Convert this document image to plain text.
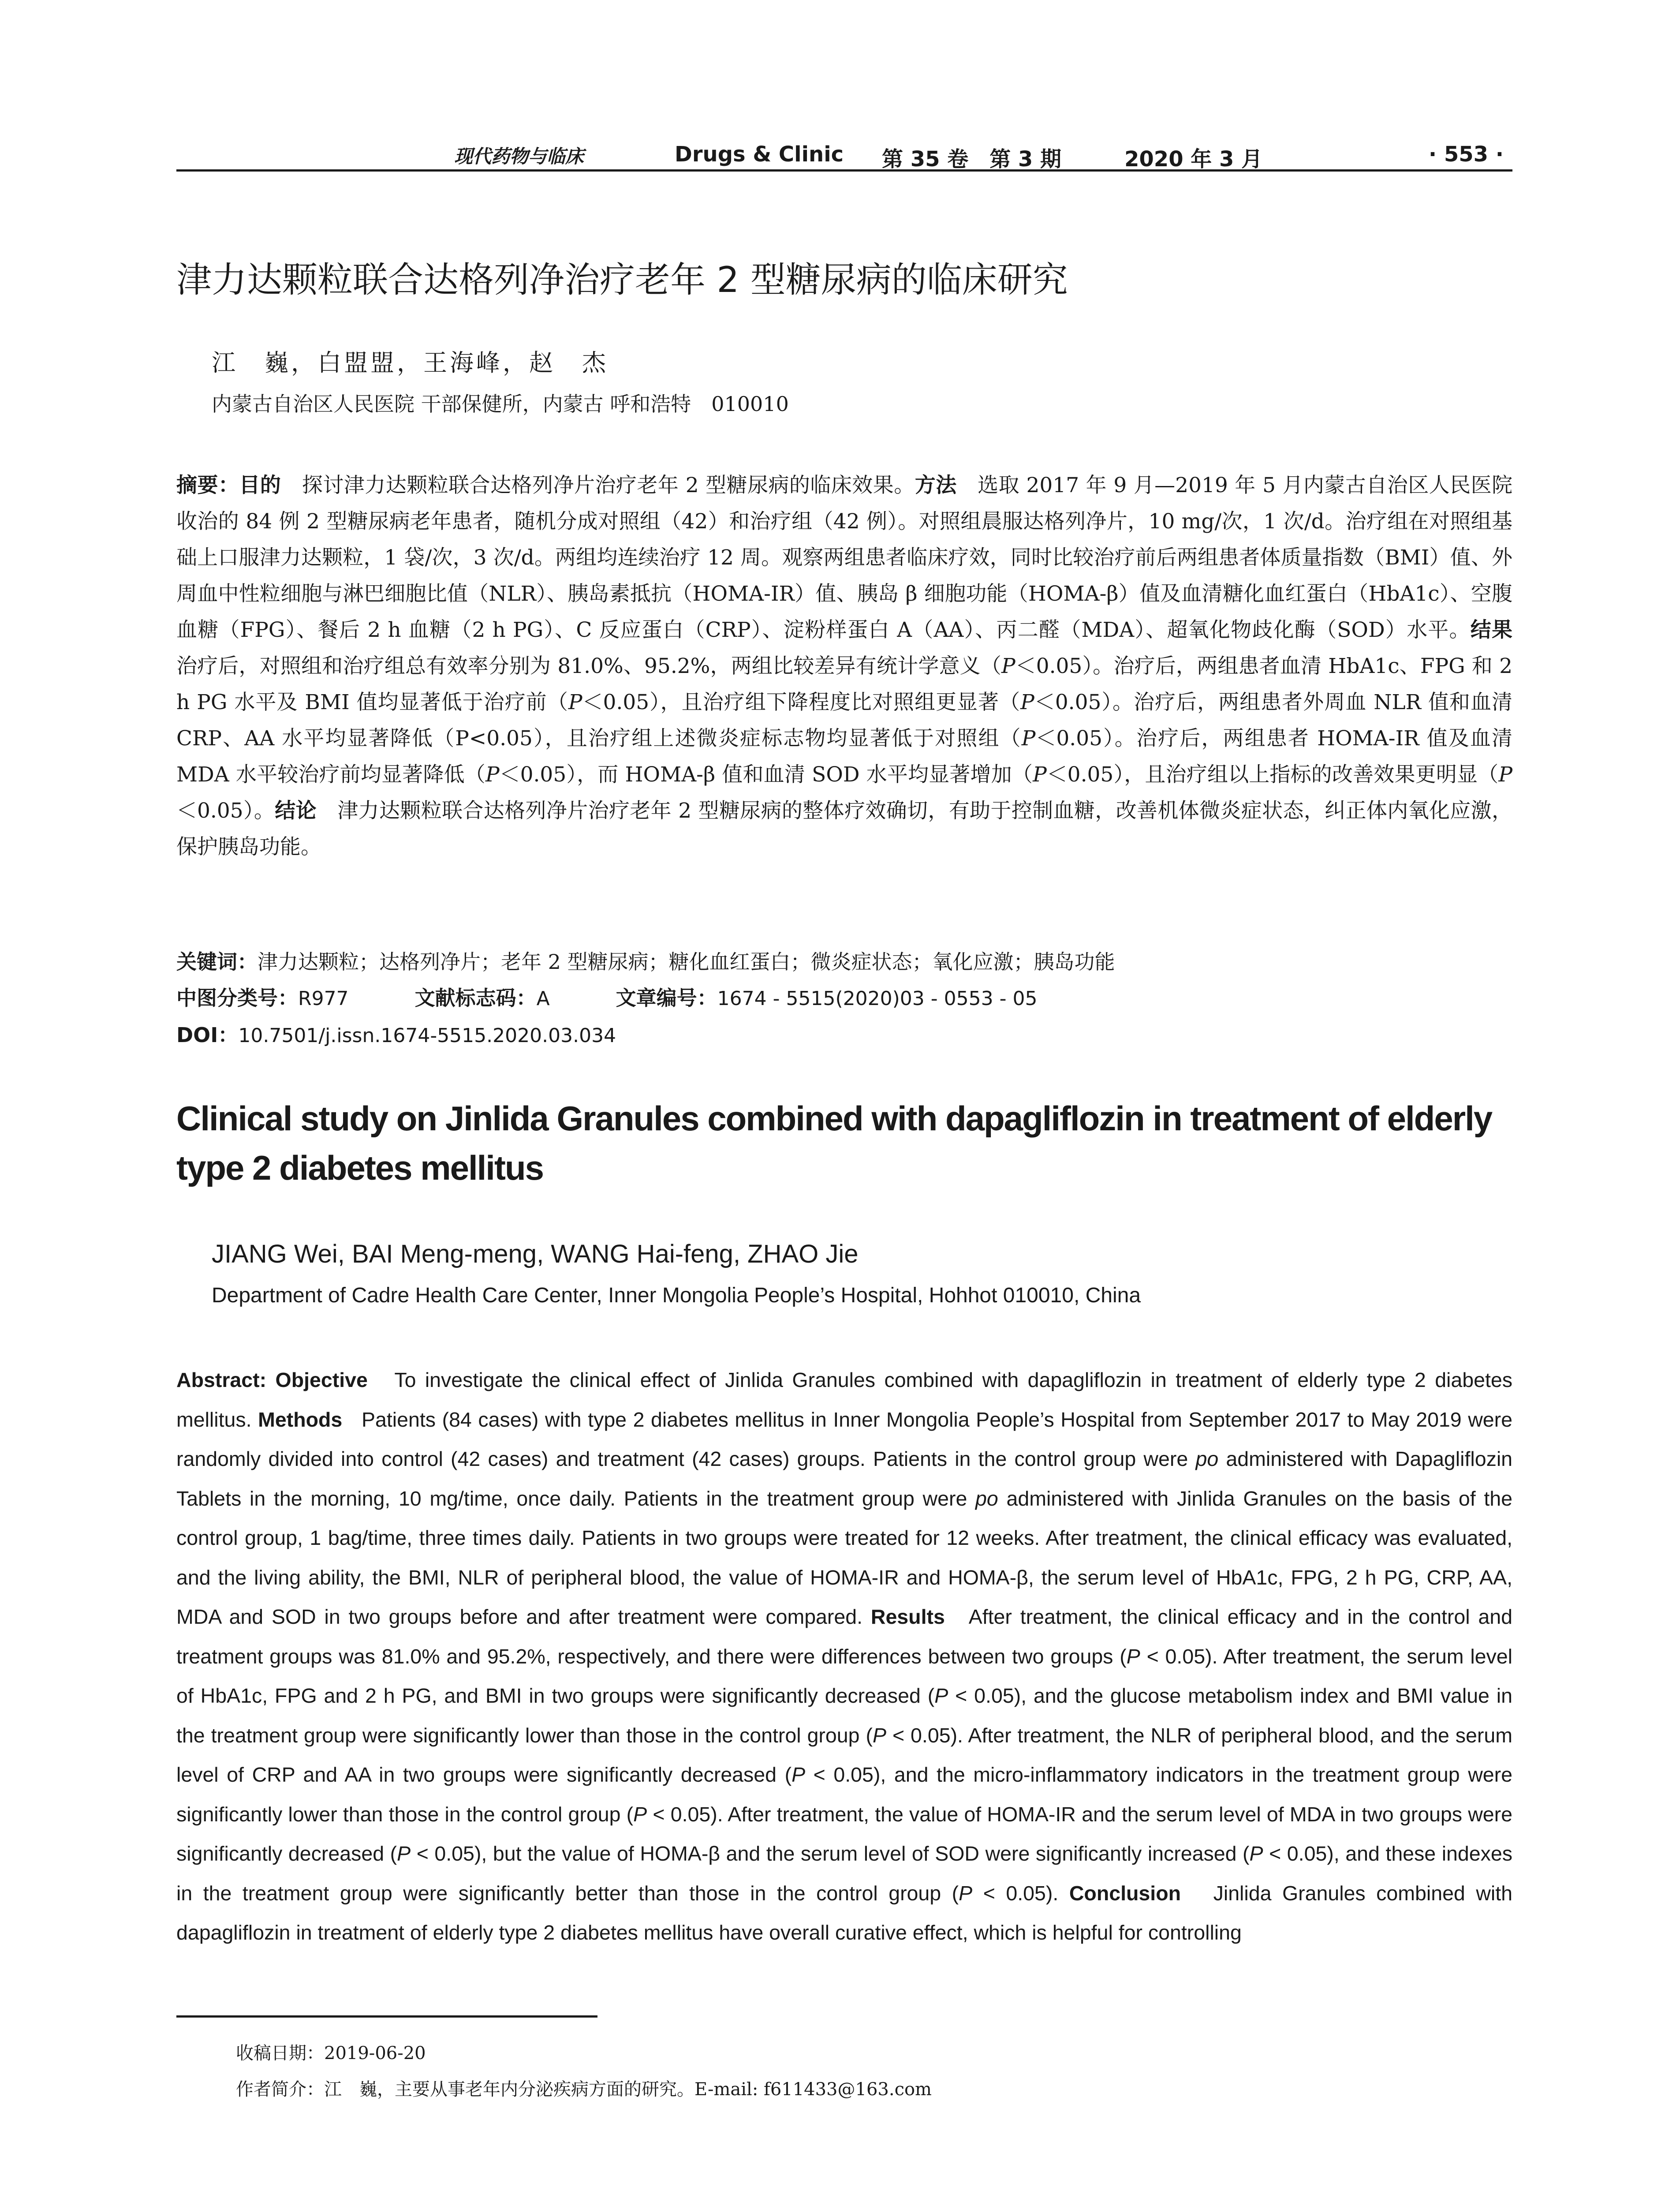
现代药物与临床	Drugs & Clinic 第 35 卷　第 3 期	2020 年 3 月	· 553 ·
津力达颗粒联合达格列净治疗老年 2 型糖尿病的临床研究
江　巍，白盟盟，王海峰，赵　杰
内蒙古自治区人民医院 干部保健所，内蒙古 呼和浩特　010010
摘要：目的　 探讨津力达颗粒联合达格列净片治疗老年 2 型糖尿病的临床效果。方法　 选取 2017 年 9 月—2019 年 5 月内蒙古自治区人民医院收治的 84 例 2 型糖尿病老年患者，随机分成对照组（42）和治疗组（42 例）。对照组晨服达格列净片，10 mg/次，1 次/d。治疗组在对照组基础上口服津力达颗粒，1 袋/次，3 次/d。两组均连续治疗 12 周。观察两组患者临床疗效，同时比较治疗前后两组患者体质量指数（BMI）值、外周血中性粒细胞与淋巴细胞比值（NLR）、胰岛素抵抗（HOMA-IR）值、胰岛 β 细胞功能（HOMA-β）值及血清糖化血红蛋白（HbA1c）、空腹血糖（FPG）、餐后 2 h 血糖（2 h PG）、C 反应蛋白（CRP）、淀粉样蛋白 A（AA）、丙二醛（MDA）、超氧化物歧化酶（SOD）水平。结果　治疗后，对照组和治疗组总有效率分别为 81.0%、95.2%，两组比较差异有统计学意义（P＜0.05）。治疗后，两组患者血清 HbA1c、FPG 和 2 h PG 水平及 BMI 值均显著低于治疗前（P＜0.05），且治疗组下降程度比对照组更显著（P＜0.05）。治疗后，两组患者外周血 NLR 值和血清 CRP、AA 水平均显著降低（P<0.05），且治疗组上述微炎症标志物均显著低于对照组（P＜0.05）。治疗后，两组患者 HOMA-IR 值及血清 MDA 水平较治疗前均显著降低（P＜0.05），而 HOMA-β 值和血清 SOD 水平均显著增加（P＜0.05），且治疗组以上指标的改善效果更明显（P＜0.05）。结论　 津力达颗粒联合达格列净片治疗老年 2 型糖尿病的整体疗效确切，有助于控制血糖，改善机体微炎症状态，纠正体内氧化应激，保护胰岛功能。
关键词：津力达颗粒；达格列净片；老年 2 型糖尿病；糖化血红蛋白；微炎症状态；氧化应激；胰岛功能
中图分类号：R977	文献标志码：A	文章编号：1674 - 5515(2020)03 - 0553 - 05
DOI：10.7501/j.issn.1674-5515.2020.03.034
Clinical study on Jinlida Granules combined with dapagliflozin in treatment of elderly type 2 diabetes mellitus
JIANG Wei, BAI Meng-meng, WANG Hai-feng, ZHAO Jie
Department of Cadre Health Care Center, Inner Mongolia People’s Hospital, Hohhot 010010, China
Abstract: Objective To investigate the clinical effect of Jinlida Granules combined with dapagliflozin in treatment of elderly type 2 diabetes mellitus. Methods Patients (84 cases) with type 2 diabetes mellitus in Inner Mongolia People’s Hospital from September 2017 to May 2019 were randomly divided into control (42 cases) and treatment (42 cases) groups. Patients in the control group were po administered with Dapagliflozin Tablets in the morning, 10 mg/time, once daily. Patients in the treatment group were po administered with Jinlida Granules on the basis of the control group, 1 bag/time, three times daily. Patients in two groups were treated for 12 weeks. After treatment, the clinical efficacy was evaluated, and the living ability, the BMI, NLR of peripheral blood, the value of HOMA-IR and HOMA-β, the serum level of HbA1c, FPG, 2 h PG, CRP, AA, MDA and SOD in two groups before and after treatment were compared. Results After treatment, the clinical efficacy and in the control and treatment groups was 81.0% and 95.2%, respectively, and there were differences between two groups (P < 0.05). After treatment, the serum level of HbA1c, FPG and 2 h PG, and BMI in two groups were significantly decreased (P < 0.05), and the glucose metabolism index and BMI value in the treatment group were significantly lower than those in the control group (P < 0.05). After treatment, the NLR of peripheral blood, and the serum level of CRP and AA in two groups were significantly decreased (P < 0.05), and the micro-inflammatory indicators in the treatment group were significantly lower than those in the control group (P < 0.05). After treatment, the value of HOMA-IR and the serum level of MDA in two groups were significantly decreased (P < 0.05), but the value of HOMA-β and the serum level of SOD were significantly increased (P < 0.05), and these indexes in the treatment group were significantly better than those in the control group (P < 0.05). Conclusion Jinlida Granules combined with dapagliflozin in treatment of elderly type 2 diabetes mellitus have overall curative effect, which is helpful for controlling
收稿日期：2019-06-20
作者简介：江　巍，主要从事老年内分泌疾病方面的研究。E-mail: f611433@163.com
